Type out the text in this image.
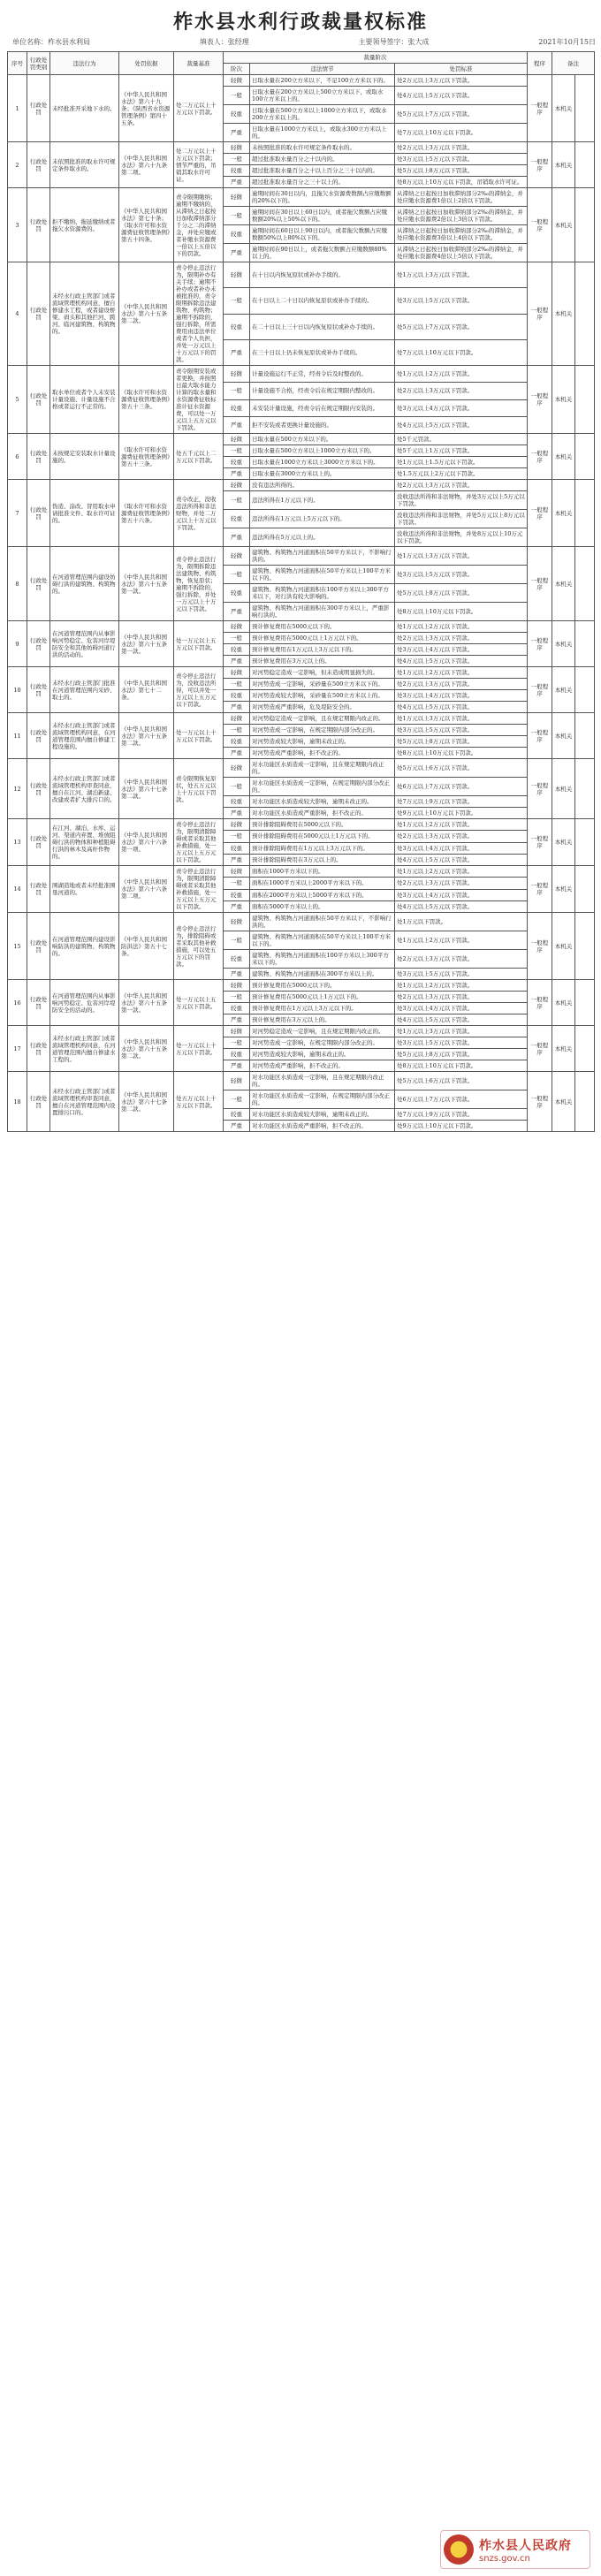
柞水县水利行政裁量权标准
单位名称：柞水县水利局	填表人：张经理	主要领导签字：张大成	2021年10月15日
序号	行政处罚类别	违法行为	处罚依据	裁量基准	裁量阶次			程序	备注	
					阶次	违法情节	处罚标准			
1	行政处罚	未经批准开采地下水的。	《中华人民共和国水法》第六十九条；《陕西省水资源管理条例》第四十五条。	处二万元以上十万元以下罚款。	轻微	日取水量在200立方米以下，不足100立方米以下的。	处2万元以上3万元以下罚款。	一般程序	本机关	
					一般	日取水量在200立方米以上500立方米以下，或取水100立方米以上的。	处4万元以上5万元以下罚款。			
					较重	日取水量在500立方米以上1000立方米以下，或取水200立方米以上的。	处5万元以上7万元以下罚款。			
					严重	日取水量在1000立方米以上，或取水300立方米以上的。	处7万元以上10万元以下罚款。			
2	行政处罚	未依照批准的取水许可规定条件取水的。	《中华人民共和国水法》第六十九条第二项。	处二万元以上十万元以下罚款；情节严重的，吊销其取水许可证。	轻微	未按照批准的取水许可规定条件取水的。	处2万元以上3万元以下罚款。	一般程序	本机关	
					一般	超过批准取水量百分之十以内的。	处3万元以上5万元以下罚款。			
					较重	超过批准取水量百分之十以上百分之三十以内的。	处5万元以上8万元以下罚款。			
					严重	超过批准取水量百分之三十以上的。	处8万元以上10万元以下罚款，吊销取水许可证。			
3	行政处罚	拒不缴纳、拖延缴纳或者拖欠水资源费的。	《中华人民共和国水法》第七十条；《取水许可和水资源费征收管理条例》第五十四条。	责令限期缴纳；逾期不缴纳的，从滞纳之日起按日加收滞纳部分千分之二的滞纳金，并处应缴或者补缴水资源费一倍以上五倍以下的罚款。	轻微	逾期时间在30日以内，且拖欠水资源费数额占应缴数额的20%以下的。	从滞纳之日起按日加收滞纳部分2‰的滞纳金，并处应缴水资源费1倍以上2倍以下罚款。	一般程序	本机关	
					一般	逾期时间在30日以上60日以内，或者拖欠数额占应缴数额20%以上50%以下的。	从滞纳之日起按日加收滞纳部分2‰的滞纳金，并处应缴水资源费2倍以上3倍以下罚款。			
					较重	逾期时间在60日以上90日以内，或者拖欠数额占应缴数额50%以上80%以下的。	从滞纳之日起按日加收滞纳部分2‰的滞纳金，并处应缴水资源费3倍以上4倍以下罚款。			
					严重	逾期时间在90日以上，或者拖欠数额占应缴数额80%以上的。	从滞纳之日起按日加收滞纳部分2‰的滞纳金，并处应缴水资源费4倍以上5倍以下罚款。			
4	行政处罚	未经水行政主管部门或者流域管理机构同意，擅自修建水工程，或者建设桥梁、码头和其他拦河、跨河、临河建筑物、构筑物的。	《中华人民共和国水法》第六十五条第二款。	责令停止违法行为，限期补办有关手续；逾期不补办或者补办未被批准的，责令限期拆除违法建筑物、构筑物；逾期不拆除的，强行拆除，所需费用由违法单位或者个人负担，并处一万元以上十万元以下的罚款。	轻微	在十日以内恢复原状或补办手续的。	处1万元以上3万元以下罚款。	一般程序	本机关	
					一般	在十日以上二十日以内恢复原状或补办手续的。	处3万元以上5万元以下罚款。			
					较重	在二十日以上三十日以内恢复原状或补办手续的。	处5万元以上7万元以下罚款。			
					严重	在三十日以上仍未恢复原状或补办手续的。	处7万元以上10万元以下罚款。			
5	行政处罚	取水单位或者个人未安装计量设施、计量设施不合格或者运行不正常的。	《取水许可和水资源费征收管理条例》第五十三条。	责令限期安装或者更换，并按照日最大取水能力计算的取水量和水资源费征收标准计征水资源费，可以处一万元以上五万元以下罚款。	轻微	计量设施运行不正常，经责令后及时整改的。	处1万元以上2万元以下罚款。	一般程序	本机关	
					一般	计量设施不合格，经责令后在规定期限内整改的。	处2万元以上3万元以下罚款。			
					较重	未安装计量设施，经责令后在规定期限内安装的。	处3万元以上4万元以下罚款。			
					严重	拒不安装或者更换计量设施的。	处4万元以上5万元以下罚款。			
6	行政处罚	未按规定安装取水计量设施的。	《取水许可和水资源费征收管理条例》第五十三条。	处五千元以上二万元以下罚款。	轻微	日取水量在500立方米以下的。	处5千元罚款。	一般程序	本机关	
					一般	日取水量在500立方米以上1000立方米以下的。	处5千元以上1万元以下罚款。			
					较重	日取水量在1000立方米以上3000立方米以下的。	处1万元以上1.5万元以下罚款。			
					严重	日取水量在3000立方米以上的。	处1.5万元以上2万元以下罚款。			
7	行政处罚	伪造、涂改、冒用取水申请批准文件、取水许可证的。	《取水许可和水资源费征收管理条例》第五十六条。	责令改正，没收违法所得和非法财物，并处二万元以上十万元以下罚款。	轻微	没有违法所得的。	处2万元以上3万元以下罚款。	一般程序	本机关	
					一般	违法所得在1万元以下的。	没收违法所得和非法财物，并处3万元以上5万元以下罚款。			
					较重	违法所得在1万元以上5万元以下的。	没收违法所得和非法财物，并处5万元以上8万元以下罚款。			
					严重	违法所得在5万元以上的。	没收违法所得和非法财物，并处8万元以上10万元以下罚款。			
8	行政处罚	在河道管理范围内建设妨碍行洪的建筑物、构筑物的。	《中华人民共和国水法》第六十五条第一款。	责令停止违法行为，限期拆除违法建筑物、构筑物，恢复原状；逾期不拆除的，强行拆除，并处一万元以上十万元以下罚款。	轻微	建筑物、构筑物占河道面积在50平方米以下，不影响行洪的。	处1万元以上3万元以下罚款。	一般程序	本机关	
					一般	建筑物、构筑物占河道面积在50平方米以上100平方米以下的。	处3万元以上5万元以下罚款。			
					较重	建筑物、构筑物占河道面积在100平方米以上300平方米以下，对行洪有较大影响的。	处5万元以上8万元以下罚款。			
					严重	建筑物、构筑物占河道面积在300平方米以上，严重影响行洪的。	处8万元以上10万元以下罚款。			
9	行政处罚	在河道管理范围内从事影响河势稳定、危害河岸堤防安全和其他妨碍河道行洪的活动的。	《中华人民共和国水法》第六十五条第一款。	处一万元以上五万元以下罚款。	轻微	预计修复费用在5000元以下的。	处1万元以上2万元以下罚款。	一般程序	本机关	
					一般	预计修复费用在5000元以上1万元以下的。	处2万元以上3万元以下罚款。			
					较重	预计修复费用在1万元以上3万元以下的。	处3万元以上4万元以下罚款。			
					严重	预计修复费用在3万元以上的。	处4万元以上5万元以下罚款。			
10	行政处罚	未经水行政主管部门批准在河道管理范围内采砂、取土的。	《中华人民共和国水法》第七十二条。	责令停止违法行为，没收违法所得，可以并处一万元以上五万元以下罚款。	轻微	对河势稳定造成一定影响，但未造成明显损失的。	处1万元以上2万元以下罚款。	一般程序	本机关	
					一般	对河势造成一定影响，采砂量在500立方米以下的。	处2万元以上3万元以下罚款。			
					较重	对河势造成较大影响，采砂量在500立方米以上的。	处3万元以上4万元以下罚款。			
					严重	对河势造成严重影响，危及堤防安全的。	处4万元以上5万元以下罚款。			
11	行政处罚	未经水行政主管部门或者流域管理机构同意，在河道管理范围内擅自修建工程设施的。	《中华人民共和国水法》第六十五条第二款。	处一万元以上十万元以下罚款。	轻微	对河势稳定造成一定影响，且在规定期限内改正的。	处1万元以上3万元以下罚款。	一般程序	本机关	
					一般	对河势造成一定影响，在规定期限内部分改正的。	处3万元以上5万元以下罚款。			
					较重	对河势造成较大影响，逾期未改正的。	处5万元以上8万元以下罚款。			
					严重	对河势造成严重影响，拒不改正的。	处8万元以上10万元以下罚款。			
12	行政处罚	未经水行政主管部门或者流域管理机构审查同意，擅自在江河、湖泊新建、改建或者扩大排污口的。	《中华人民共和国水法》第六十七条第二款。	责令限期恢复原状，处五万元以上十万元以下罚款。	轻微	对水功能区水质造成一定影响，且在规定期限内改正的。	处5万元以上6万元以下罚款。	一般程序	本机关	
					一般	对水功能区水质造成一定影响，在规定期限内部分改正的。	处6万元以上7万元以下罚款。			
					较重	对水功能区水质造成较大影响，逾期未改正的。	处7万元以上9万元以下罚款。			
					严重	对水功能区水质造成严重影响，拒不改正的。	处9万元以上10万元以下罚款。			
13	行政处罚	在江河、湖泊、水库、运河、渠道内弃置、堆放阻碍行洪的物体和种植阻碍行洪的林木及高秆作物的。	《中华人民共和国水法》第六十六条第一项。	责令停止违法行为，限期清除障碍或者采取其他补救措施，处一万元以上五万元以下罚款。	轻微	预计排除阻碍费用在5000元以下的。	处1万元以上2万元以下罚款。	一般程序	本机关	
					一般	预计排除阻碍费用在5000元以上1万元以下的。	处2万元以上3万元以下罚款。			
					较重	预计排除阻碍费用在1万元以上3万元以下的。	处3万元以上4万元以下罚款。			
					严重	预计排除阻碍费用在3万元以上的。	处4万元以上5万元以下罚款。			
14	行政处罚	围湖造地或者未经批准围垦河道的。	《中华人民共和国水法》第六十六条第二项。	责令停止违法行为，限期清除障碍或者采取其他补救措施，处一万元以上五万元以下罚款。	轻微	面积在1000平方米以下的。	处1万元以上2万元以下罚款。	一般程序	本机关	
					一般	面积在1000平方米以上2000平方米以下的。	处2万元以上3万元以下罚款。			
					较重	面积在2000平方米以上5000平方米以下的。	处3万元以上4万元以下罚款。			
					严重	面积在5000平方米以上的。	处4万元以上5万元以下罚款。			
15	行政处罚	在河道管理范围内建设影响防洪的建筑物、构筑物的。	《中华人民共和国防洪法》第五十七条。	责令停止违法行为，排除阻碍或者采取其他补救措施，可以处五万元以下的罚款。	轻微	建筑物、构筑物占河道面积在50平方米以下，不影响行洪的。	处1万元以下罚款。	一般程序	本机关	
					一般	建筑物、构筑物占河道面积在50平方米以上100平方米以下的。	处1万元以上2万元以下罚款。			
					较重	建筑物、构筑物占河道面积在100平方米以上300平方米以下的。	处2万元以上3万元以下罚款。			
					严重	建筑物、构筑物占河道面积在300平方米以上的。	处3万元以上5万元以下罚款。			
16	行政处罚	在河道管理范围内从事影响河势稳定、危害河岸堤防安全的活动的。	《中华人民共和国水法》第六十五条第一款。	处一万元以上五万元以下罚款。	轻微	预计修复费用在5000元以下的。	处1万元以上2万元以下罚款。	一般程序	本机关	
					一般	预计修复费用在5000元以上1万元以下的。	处2万元以上3万元以下罚款。			
					较重	预计修复费用在1万元以上3万元以下的。	处3万元以上4万元以下罚款。			
					严重	预计修复费用在3万元以上的。	处4万元以上5万元以下罚款。			
17	行政处罚	未经水行政主管部门或者流域管理机构同意，在河道管理范围内擅自修建水工程的。	《中华人民共和国水法》第六十五条第二款。	处一万元以上十万元以下罚款。	轻微	对河势稳定造成一定影响，且在规定期限内改正的。	处1万元以上3万元以下罚款。	一般程序	本机关	
					一般	对河势造成一定影响，在规定期限内部分改正的。	处3万元以上5万元以下罚款。			
					较重	对河势造成较大影响，逾期未改正的。	处5万元以上8万元以下罚款。			
					严重	对河势造成严重影响，拒不改正的。	处8万元以上10万元以下罚款。			
18	行政处罚	未经水行政主管部门或者流域管理机构审查同意，擅自在河道管理范围内设置排污口的。	《中华人民共和国水法》第六十七条第二款。	处五万元以上十万元以下罚款。	轻微	对水功能区水质造成一定影响，且在规定期限内改正的。	处5万元以上6万元以下罚款。	一般程序	本机关	
					一般	对水功能区水质造成一定影响，在规定期限内部分改正的。	处6万元以上7万元以下罚款。			
					较重	对水功能区水质造成较大影响，逾期未改正的。	处7万元以上9万元以下罚款。			
					严重	对水功能区水质造成严重影响，拒不改正的。	处9万元以上10万元以下罚款。			
★	柞水县人民政府
snzs.gov.cn
